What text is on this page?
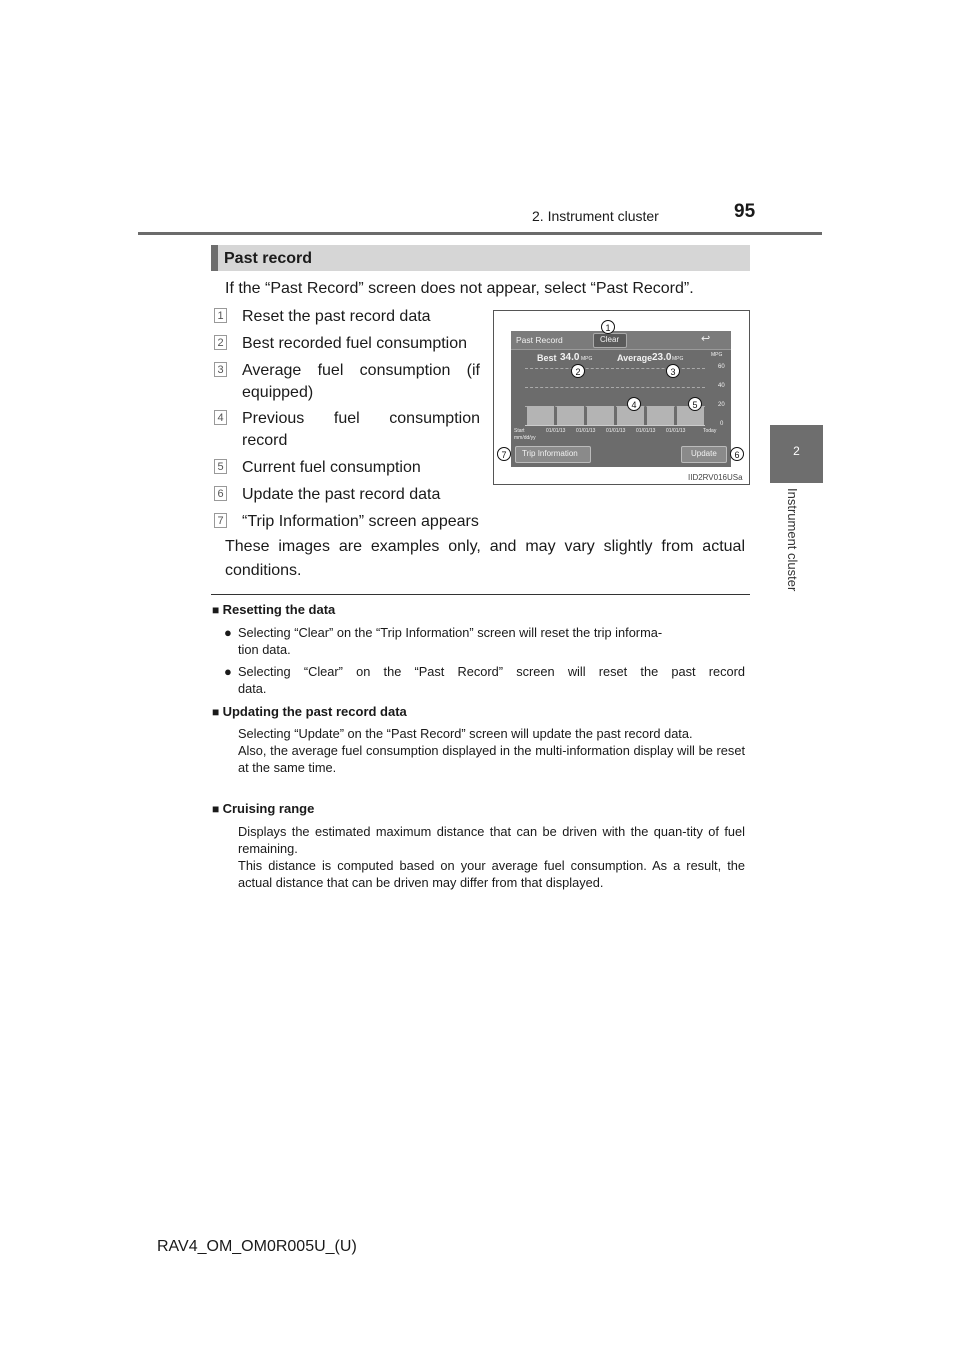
2. Instrument cluster	95
2
Instrument cluster
Past record
If the “Past Record” screen does not appear, select “Past Record”.
1 Reset the past record data
2 Best recorded fuel consumption
3 Average fuel consumption (if
equipped)
4 Previous fuel consumption
record
5 Current fuel consumption
6 Update the past record data
7 “Trip Information” screen appears
These images are examples only, and may vary slightly from actual conditions.
Past Record	Clear	↩
Best 34.0 MPG	Average 23.0 MPG
MPG
60
40
20
0
Start
mm/dd/yy
01/01/13 01/01/13 01/01/13 01/01/13 01/01/13	Today
Trip Information	Update
IID2RV016USa
1
2	3
4	5
6
7
■ Resetting the data
● Selecting “Clear” on the “Trip Information” screen will reset the trip informa-
tion data.
● Selecting “Clear” on the “Past Record” screen will reset the past record
data.
■ Updating the past record data
Selecting “Update” on the “Past Record” screen will update the past record data.
Also, the average fuel consumption displayed in the multi-information display will be reset at the same time.
■ Cruising range
Displays the estimated maximum distance that can be driven with the quan-tity of fuel remaining.
This distance is computed based on your average fuel consumption. As a result, the actual distance that can be driven may differ from that displayed.
RAV4_OM_OM0R005U_(U)
